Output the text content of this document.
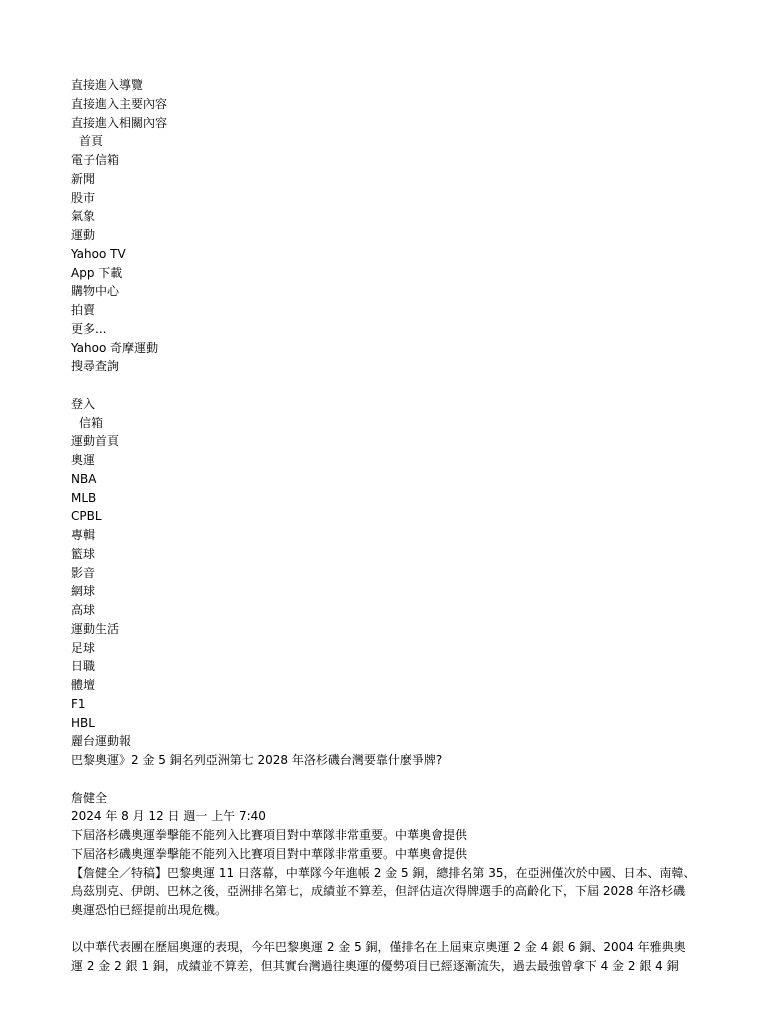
直接進入導覽
直接進入主要內容
直接進入相關內容
首頁
電子信箱
新聞
股市
氣象
運動
Yahoo TV
App 下載
購物中心
拍賣
更多...
Yahoo 奇摩運動
搜尋查詢
登入
信箱
運動首頁
奧運
NBA
MLB
CPBL
專輯
籃球
影音
網球
高球
運動生活
足球
日職
體壇
F1
HBL
麗台運動報
巴黎奧運》2 金 5 銅名列亞洲第七 2028 年洛杉磯台灣要靠什麼爭牌?
詹健全
2024 年 8 月 12 日 週一 上午 7:40
下屆洛杉磯奧運拳擊能不能列入比賽項目對中華隊非常重要。中華奧會提供
下屆洛杉磯奧運拳擊能不能列入比賽項目對中華隊非常重要。中華奧會提供

【詹健全／特稿】巴黎奧運 11 日落幕，中華隊今年進帳 2 金 5 銅，總排名第 35，在亞洲僅次於中國、日本、南韓、烏茲別克、伊朗、巴林之後，亞洲排名第七，成績並不算差，但評估這次得牌選手的高齡化下，下屆 2028 年洛杉磯奧運恐怕已經提前出現危機。

以中華代表團在歷屆奧運的表現，今年巴黎奧運 2 金 5 銅，僅排名在上屆東京奧運 2 金 4 銀 6 銅、2004 年雅典奧運 2 金 2 銀 1 銅，成績並不算差，但其實台灣過往奧運的優勢項目已經逐漸流失，過去最強曾拿下 4 金 2 銀 4 銅
